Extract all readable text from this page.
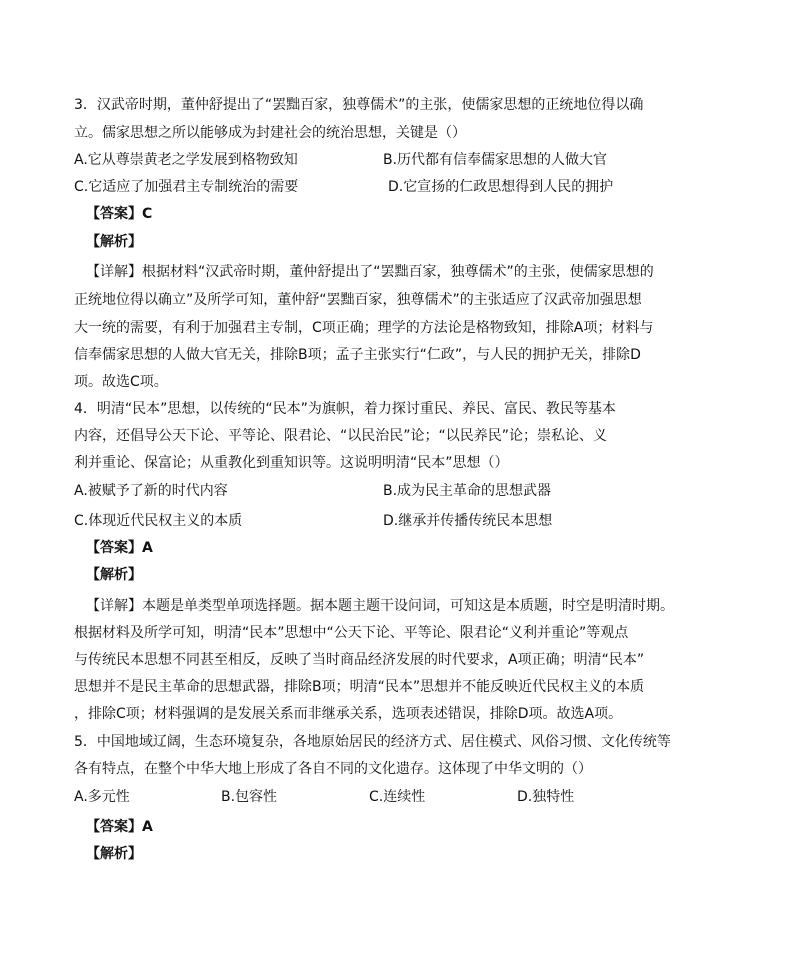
3．汉武帝时期，董仲舒提出了“罢黜百家，独尊儒术”的主张，使儒家思想的正统地位得以确
立。儒家思想之所以能够成为封建社会的统治思想，关键是（）
A.它从尊崇黄老之学发展到格物致知	B.历代都有信奉儒家思想的人做大官
C.它适应了加强君主专制统治的需要	D.它宣扬的仁政思想得到人民的拥护
【答案】C
【解析】
【详解】根据材料“汉武帝时期，董仲舒提出了“罢黜百家，独尊儒术”的主张，使儒家思想的
正统地位得以确立”及所学可知，董仲舒“罢黜百家，独尊儒术”的主张适应了汉武帝加强思想
大一统的需要，有利于加强君主专制，C项正确；理学的方法论是格物致知，排除A项；材料与
信奉儒家思想的人做大官无关，排除B项；孟子主张实行“仁政”，与人民的拥护无关，排除D
项。故选C项。
4．明清“民本”思想，以传统的“民本”为旗帜，着力探讨重民、养民、富民、教民等基本
内容，还倡导公天下论、平等论、限君论、“以民治民”论；“以民养民”论；崇私论、义
利并重论、保富论；从重教化到重知识等。这说明明清“民本”思想（）
A.被赋予了新的时代内容	B.成为民主革命的思想武器
C.体现近代民权主义的本质	D.继承并传播传统民本思想
【答案】A
【解析】
【详解】本题是单类型单项选择题。据本题主题干设问词，可知这是本质题，时空是明清时期。
根据材料及所学可知，明清“民本”思想中“公天下论、平等论、限君论“义利并重论”等观点
与传统民本思想不同甚至相反，反映了当时商品经济发展的时代要求，A项正确；明清“民本”
思想并不是民主革命的思想武器，排除B项；明清“民本”思想并不能反映近代民权主义的本质
，排除C项；材料强调的是发展关系而非继承关系，选项表述错误，排除D项。故选A项。
5．中国地域辽阔，生态环境复杂，各地原始居民的经济方式、居住模式、风俗习惯、文化传统等
各有特点，在整个中华大地上形成了各自不同的文化遗存。这体现了中华文明的（）
A.多元性	B.包容性	C.连续性	D.独特性
【答案】A
【解析】
